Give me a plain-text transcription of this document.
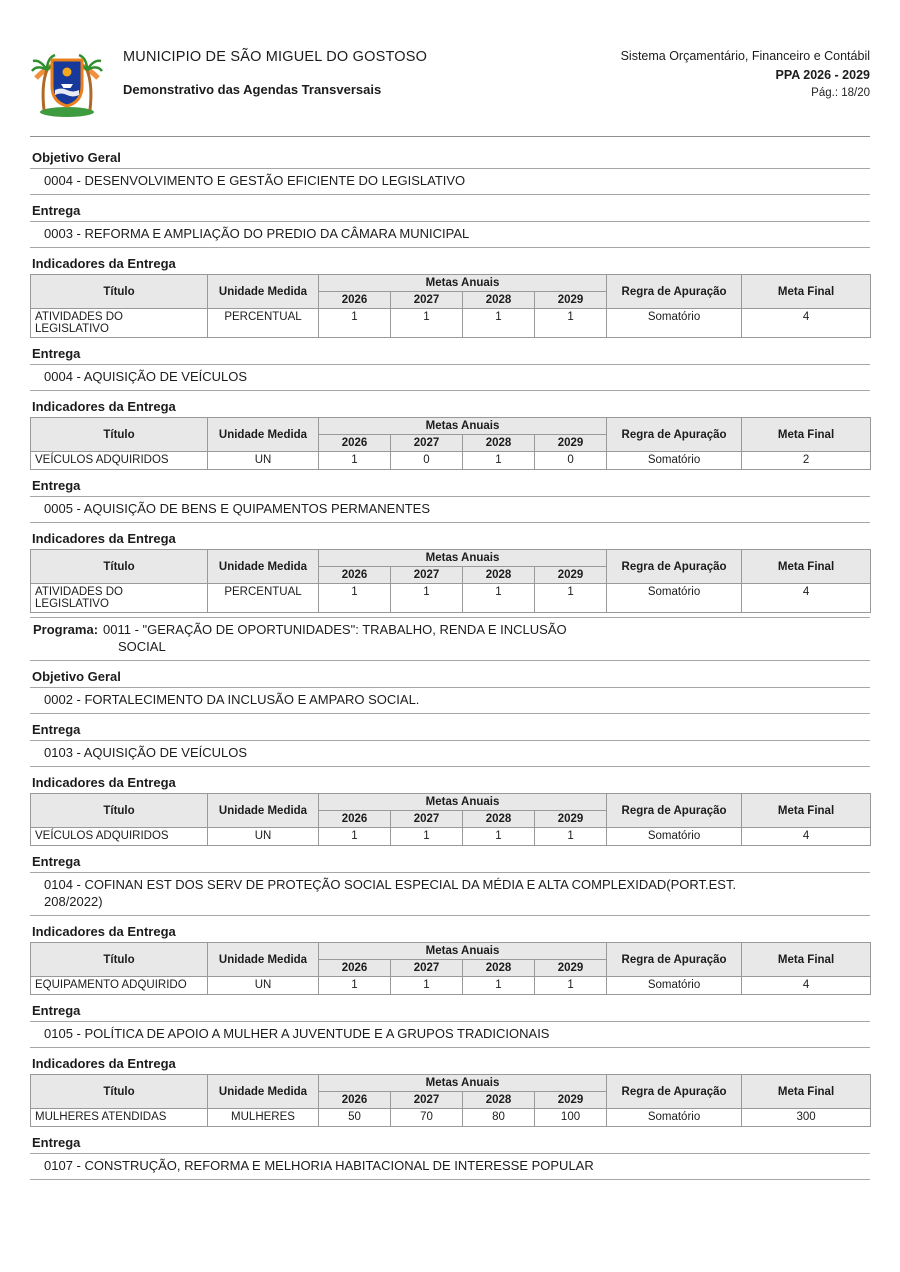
MUNICIPIO DE SÃO MIGUEL DO GOSTOSO
Demonstrativo das Agendas Transversais
Sistema Orçamentário, Financeiro e Contábil
PPA 2026 - 2029
Pág.: 18/20
Objetivo Geral
0004 - DESENVOLVIMENTO E GESTÃO EFICIENTE DO LEGISLATIVO
Entrega
0003 - REFORMA E AMPLIAÇÃO DO PREDIO DA CÂMARA MUNICIPAL
Indicadores da Entrega
Título	Unidade Medida	Metas Anuais				Regra de Apuração	Meta Final
		2026	2027	2028	2029		
ATIVIDADES DO LEGISLATIVO	PERCENTUAL	1	1	1	1	Somatório	4
Entrega
0004 - AQUISIÇÃO DE VEÍCULOS
Indicadores da Entrega
Título	Unidade Medida	Metas Anuais				Regra de Apuração	Meta Final
		2026	2027	2028	2029		
VEÍCULOS ADQUIRIDOS	UN	1	0	1	0	Somatório	2
Entrega
0005 - AQUISIÇÃO DE BENS E QUIPAMENTOS PERMANENTES
Indicadores da Entrega
Título	Unidade Medida	Metas Anuais				Regra de Apuração	Meta Final
		2026	2027	2028	2029		
ATIVIDADES DO LEGISLATIVO	PERCENTUAL	1	1	1	1	Somatório	4
Programa: 0011 - "GERAÇÃO DE OPORTUNIDADES": TRABALHO, RENDA E INCLUSÃO SOCIAL
Objetivo Geral
0002 - FORTALECIMENTO DA INCLUSÃO E AMPARO SOCIAL.
Entrega
0103 - AQUISIÇÃO DE VEÍCULOS
Indicadores da Entrega
Título	Unidade Medida	Metas Anuais				Regra de Apuração	Meta Final
		2026	2027	2028	2029		
VEÍCULOS ADQUIRIDOS	UN	1	1	1	1	Somatório	4
Entrega
0104 - COFINAN EST DOS SERV DE PROTEÇÃO SOCIAL ESPECIAL DA MÉDIA E ALTA COMPLEXIDAD(PORT.EST. 208/2022)
Indicadores da Entrega
Título	Unidade Medida	Metas Anuais				Regra de Apuração	Meta Final
		2026	2027	2028	2029		
EQUIPAMENTO ADQUIRIDO	UN	1	1	1	1	Somatório	4
Entrega
0105 - POLÍTICA DE APOIO A MULHER A JUVENTUDE E A GRUPOS TRADICIONAIS
Indicadores da Entrega
Título	Unidade Medida	Metas Anuais				Regra de Apuração	Meta Final
		2026	2027	2028	2029		
MULHERES ATENDIDAS	MULHERES	50	70	80	100	Somatório	300
Entrega
0107 - CONSTRUÇÃO, REFORMA E MELHORIA HABITACIONAL DE INTERESSE POPULAR
